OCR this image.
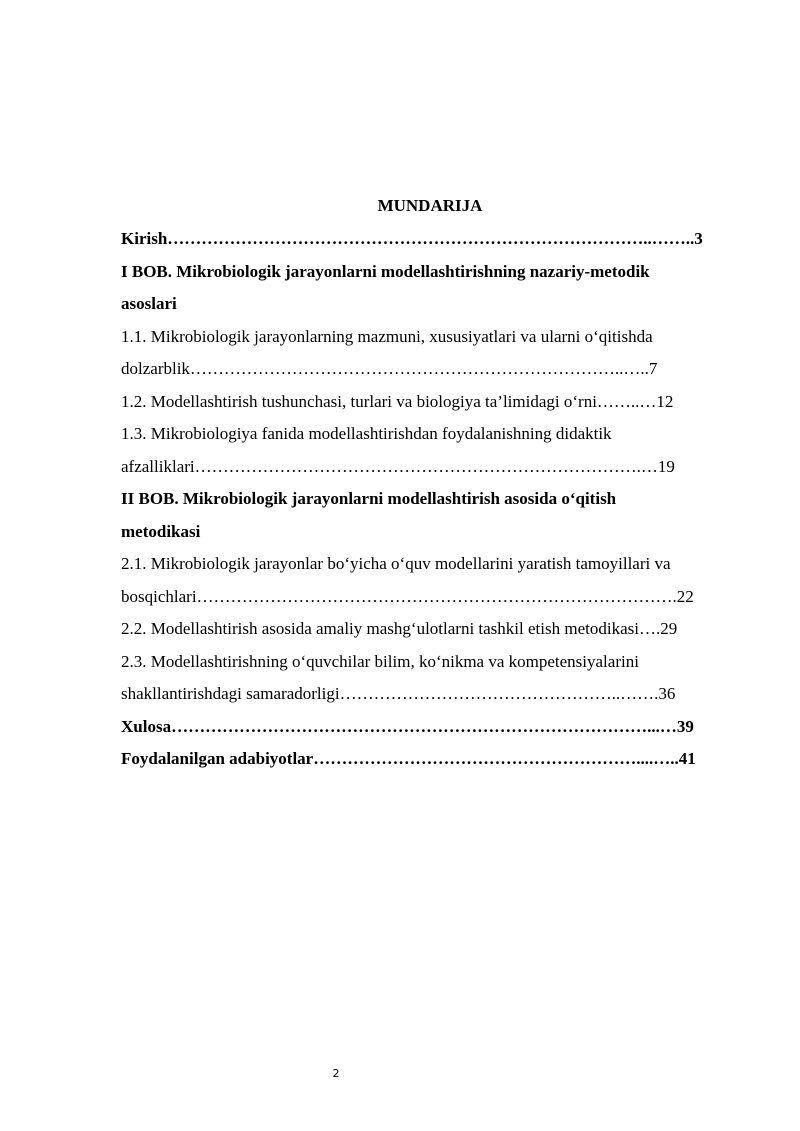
MUNDARIJA
Kirish…………………………………………………………………………..……..3
I BOB. Mikrobiologik jarayonlarni modellashtirishning nazariy-metodik
asoslari
1.1. Mikrobiologik jarayonlarning mazmuni, xususiyatlari va ularni o‘qitishda
dolzarblik…………………………………………………………………..…..7
1.2. Modellashtirish tushunchasi, turlari va biologiya ta’limidagi o‘rni……..…12
1.3. Mikrobiologiya fanida modellashtirishdan foydalanishning didaktik
afzalliklari…………………………………………………………………….…19
II BOB. Mikrobiologik jarayonlarni modellashtirish asosida o‘qitish
metodikasi
2.1. Mikrobiologik jarayonlar bo‘yicha o‘quv modellarini yaratish tamoyillari va
bosqichlari………………………………………………………………………….22
2.2. Modellashtirish asosida amaliy mashg‘ulotlarni tashkil etish metodikasi….29
2.3. Modellashtirishning o‘quvchilar bilim, ko‘nikma va kompetensiyalarini
shakllantirishdagi samaradorligi…………………………………………..…….36
Xulosa…………………………………………………………………………...…39
Foydalanilgan adabiyotlar…………………………………………………....…..41
2
